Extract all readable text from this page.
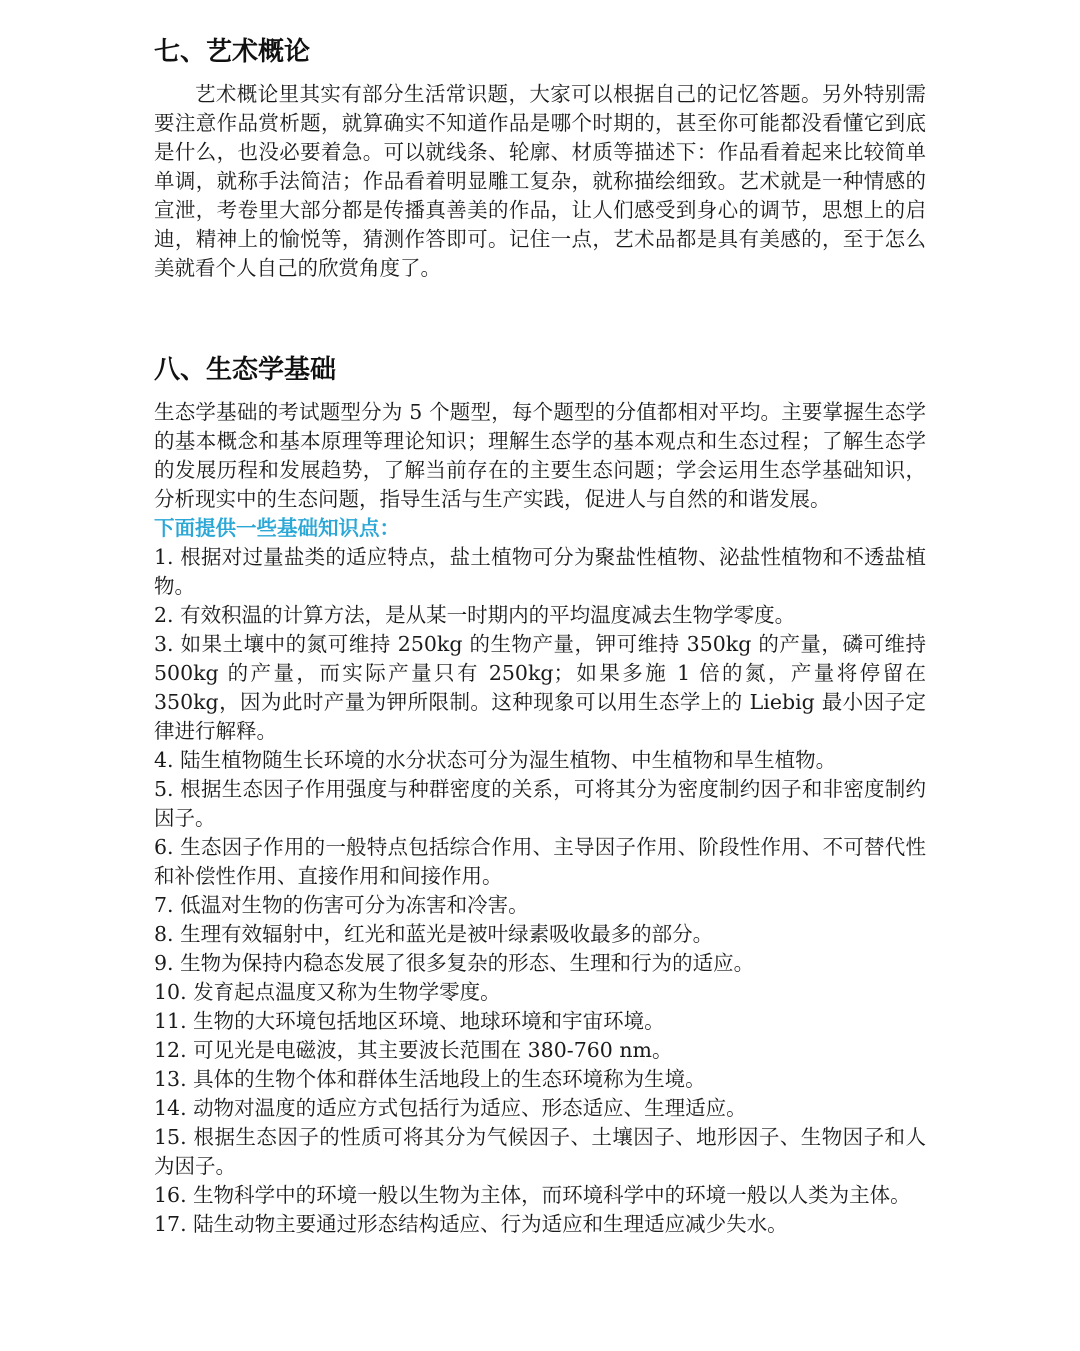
七、艺术概论

艺术概论里其实有部分生活常识题，大家可以根据自己的记忆答题。另外特别需要注意作品赏析题，就算确实不知道作品是哪个时期的，甚至你可能都没看懂它到底是什么，也没必要着急。可以就线条、轮廓、材质等描述下：作品看着起来比较简单单调，就称手法简洁；作品看着明显雕工复杂，就称描绘细致。艺术就是一种情感的宣泄，考卷里大部分都是传播真善美的作品，让人们感受到身心的调节，思想上的启迪，精神上的愉悦等，猜测作答即可。记住一点，艺术品都是具有美感的，至于怎么美就看个人自己的欣赏角度了。

八、生态学基础

生态学基础的考试题型分为 5 个题型，每个题型的分值都相对平均。主要掌握生态学的基本概念和基本原理等理论知识；理解生态学的基本观点和生态过程；了解生态学的发展历程和发展趋势，了解当前存在的主要生态问题；学会运用生态学基础知识，分析现实中的生态问题，指导生活与生产实践，促进人与自然的和谐发展。

下面提供一些基础知识点：

1. 根据对过量盐类的适应特点，盐土植物可分为聚盐性植物、泌盐性植物和不透盐植物。
2. 有效积温的计算方法，是从某一时期内的平均温度减去生物学零度。
3. 如果土壤中的氮可维持 250kg 的生物产量，钾可维持 350kg 的产量，磷可维持 500kg 的产量，而实际产量只有 250kg；如果多施 1 倍的氮，产量将停留在 350kg，因为此时产量为钾所限制。这种现象可以用生态学上的 Liebig 最小因子定律进行解释。
4. 陆生植物随生长环境的水分状态可分为湿生植物、中生植物和旱生植物。
5. 根据生态因子作用强度与种群密度的关系，可将其分为密度制约因子和非密度制约因子。
6. 生态因子作用的一般特点包括综合作用、主导因子作用、阶段性作用、不可替代性和补偿性作用、直接作用和间接作用。
7. 低温对生物的伤害可分为冻害和冷害。
8. 生理有效辐射中，红光和蓝光是被叶绿素吸收最多的部分。
9. 生物为保持内稳态发展了很多复杂的形态、生理和行为的适应。
10. 发育起点温度又称为生物学零度。
11. 生物的大环境包括地区环境、地球环境和宇宙环境。
12. 可见光是电磁波，其主要波长范围在 380-760 nm。
13. 具体的生物个体和群体生活地段上的生态环境称为生境。
14. 动物对温度的适应方式包括行为适应、形态适应、生理适应。
15. 根据生态因子的性质可将其分为气候因子、土壤因子、地形因子、生物因子和人为因子。
16. 生物科学中的环境一般以生物为主体，而环境科学中的环境一般以人类为主体。
17. 陆生动物主要通过形态结构适应、行为适应和生理适应减少失水。
